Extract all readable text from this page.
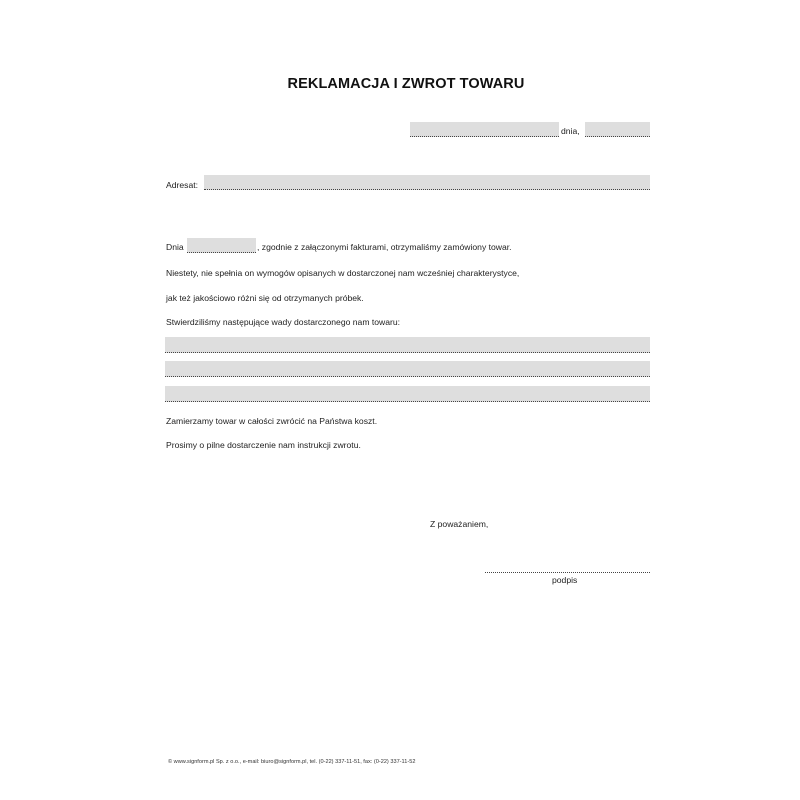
REKLAMACJA I ZWROT TOWARU
dnia,
Adresat:
Dnia	, zgodnie z załączonymi fakturami, otrzymaliśmy zamówiony towar.
Niestety, nie spełnia on wymogów opisanych w dostarczonej nam wcześniej charakterystyce,
jak też jakościowo różni się od otrzymanych próbek.
Stwierdziliśmy następujące wady dostarczonego nam towaru:
Zamierzamy towar w całości zwrócić na Państwa koszt.
Prosimy o pilne dostarczenie nam instrukcji zwrotu.
Z poważaniem,
podpis
© www.signform.pl Sp. z o.o., e-mail: biuro@signform.pl, tel. (0-22) 337-11-51, fax: (0-22) 337-11-52
